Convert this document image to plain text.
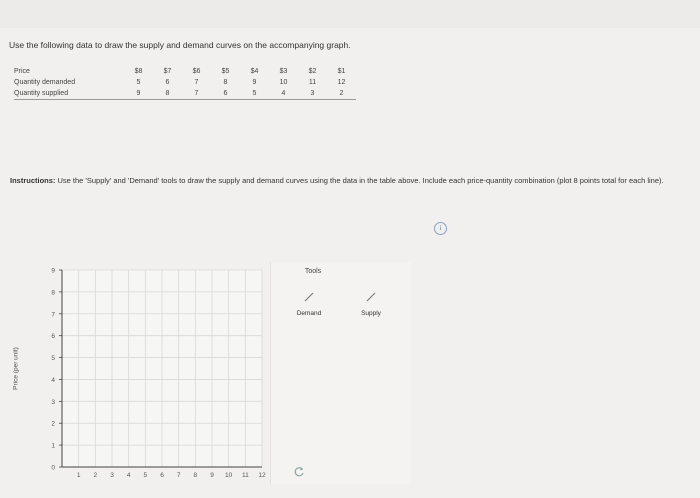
Use the following data to draw the supply and demand curves on the accompanying graph.
Price	$8	$7	$6	$5	$4	$3	$2	$1
Quantity demanded	5	6	7	8	9	10	11	12
Quantity supplied	9	8	7	6	5	4	3	2
Instructions: Use the 'Supply' and 'Demand' tools to draw the supply and demand curves using the data in the table above. Include each price-quantity combination (plot 8 points total for each line).
i
Price (per unit)
0
1
2
3
4
5
6
7
8
9
1 2 3 4 5 6 7 8 9 10 11 12
Tools
Demand	Supply
